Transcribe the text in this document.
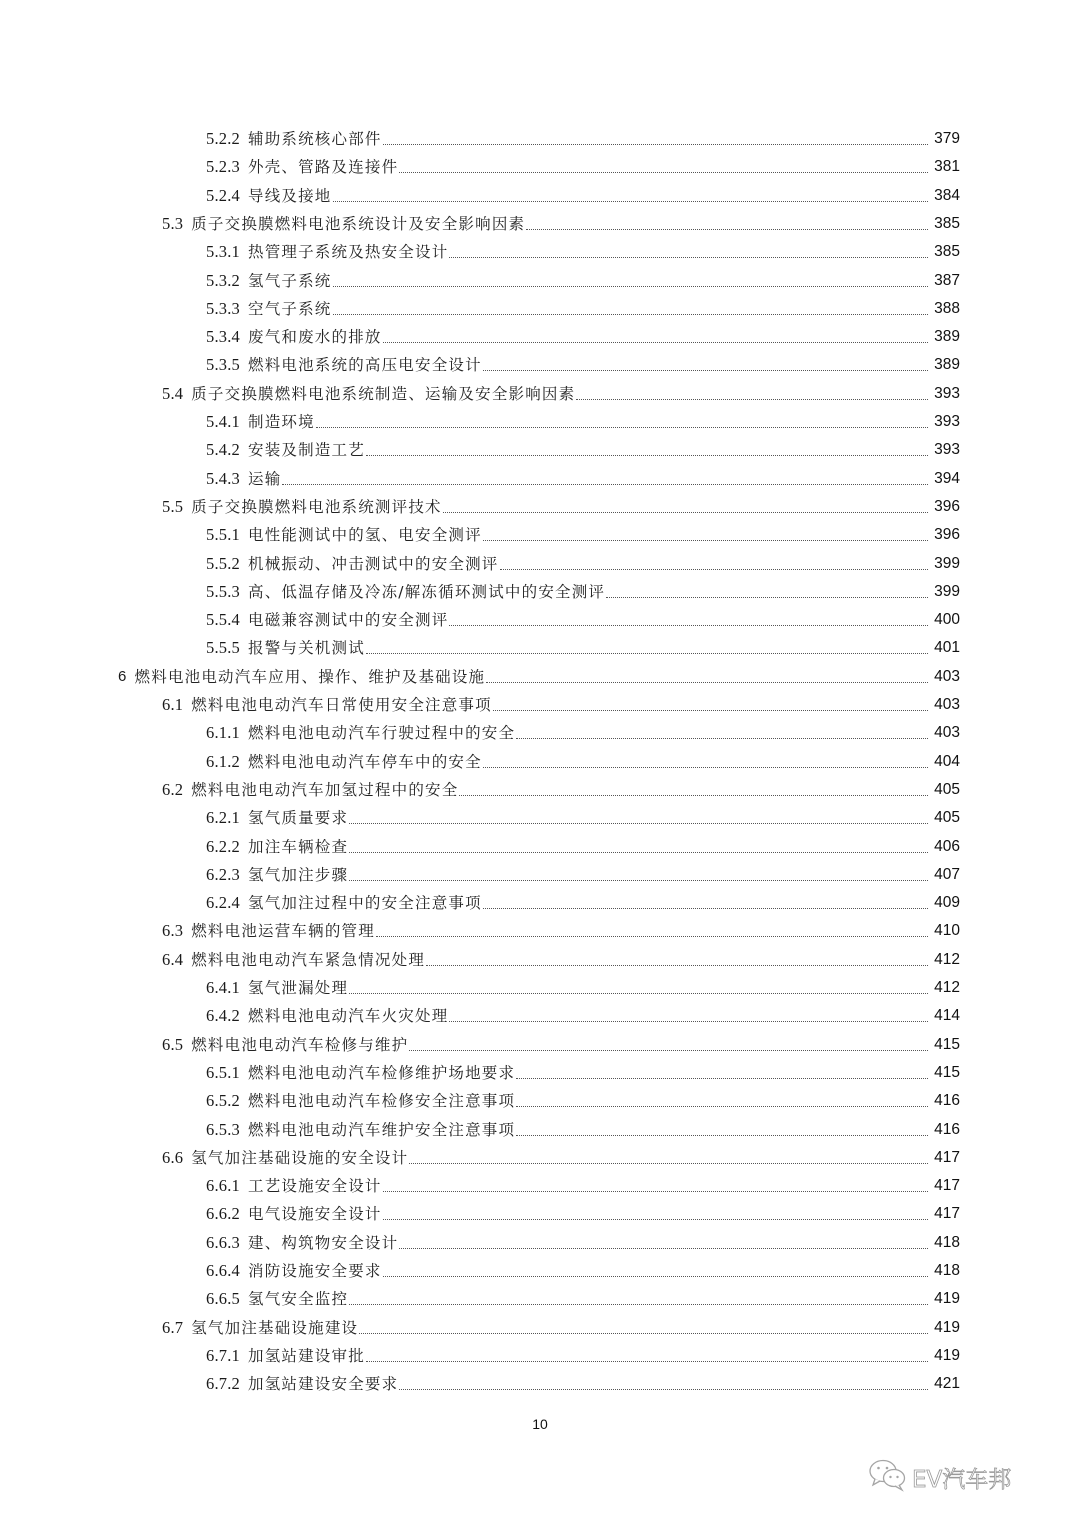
5.2.2 辅助系统核心部件	379
5.2.3 外壳、管路及连接件	381
5.2.4 导线及接地	384
5.3 质子交换膜燃料电池系统设计及安全影响因素	385
5.3.1 热管理子系统及热安全设计	385
5.3.2 氢气子系统	387
5.3.3 空气子系统	388
5.3.4 废气和废水的排放	389
5.3.5 燃料电池系统的高压电安全设计	389
5.4 质子交换膜燃料电池系统制造、运输及安全影响因素	393
5.4.1 制造环境	393
5.4.2 安装及制造工艺	393
5.4.3 运输	394
5.5 质子交换膜燃料电池系统测评技术	396
5.5.1 电性能测试中的氢、电安全测评	396
5.5.2 机械振动、冲击测试中的安全测评	399
5.5.3 高、低温存储及冷冻/解冻循环测试中的安全测评	399
5.5.4 电磁兼容测试中的安全测评	400
5.5.5 报警与关机测试	401
6 燃料电池电动汽车应用、操作、维护及基础设施	403
6.1 燃料电池电动汽车日常使用安全注意事项	403
6.1.1 燃料电池电动汽车行驶过程中的安全	403
6.1.2 燃料电池电动汽车停车中的安全	404
6.2 燃料电池电动汽车加氢过程中的安全	405
6.2.1 氢气质量要求	405
6.2.2 加注车辆检查	406
6.2.3 氢气加注步骤	407
6.2.4 氢气加注过程中的安全注意事项	409
6.3 燃料电池运营车辆的管理	410
6.4 燃料电池电动汽车紧急情况处理	412
6.4.1 氢气泄漏处理	412
6.4.2 燃料电池电动汽车火灾处理	414
6.5 燃料电池电动汽车检修与维护	415
6.5.1 燃料电池电动汽车检修维护场地要求	415
6.5.2 燃料电池电动汽车检修安全注意事项	416
6.5.3 燃料电池电动汽车维护安全注意事项	416
6.6 氢气加注基础设施的安全设计	417
6.6.1 工艺设施安全设计	417
6.6.2 电气设施安全设计	417
6.6.3 建、构筑物安全设计	418
6.6.4 消防设施安全要求	418
6.6.5 氢气安全监控	419
6.7 氢气加注基础设施建设	419
6.7.1 加氢站建设审批	419
6.7.2 加氢站建设安全要求	421
10
EV汽车邦
